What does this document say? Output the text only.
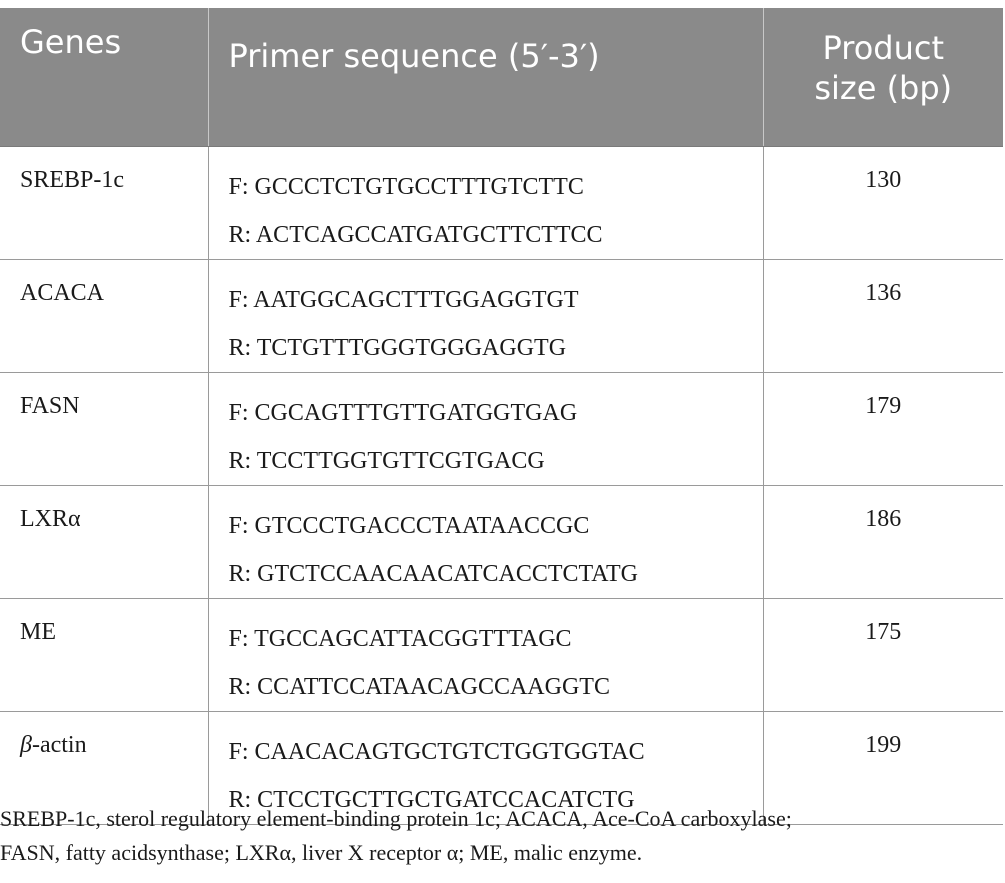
Genes	Primer sequence (5′-3′)	Product
size (bp)

SREBP-1c	F: GCCCTCTGTGCCTTTGTCTTC
R: ACTCAGCCATGATGCTTCTTCC	130
ACACA	F: AATGGCAGCTTTGGAGGTGT
R: TCTGTTTGGGTGGGAGGTG	136
FASN	F: CGCAGTTTGTTGATGGTGAG
R: TCCTTGGTGTTCGTGACG	179
LXRα	F: GTCCCTGACCCTAATAACCGC
R: GTCTCCAACAACATCACCTCTATG	186
ME	F: TGCCAGCATTACGGTTTAGC
R: CCATTCCATAACAGCCAAGGTC	175
β-actin	F: CAACACAGTGCTGTCTGGTGGTAC
R: CTCCTGCTTGCTGATCCACATCTG	199
SREBP-1c, sterol regulatory element-binding protein 1c; ACACA, Ace-CoA carboxylase;
FASN, fatty acidsynthase; LXRα, liver X receptor α; ME, malic enzyme.
